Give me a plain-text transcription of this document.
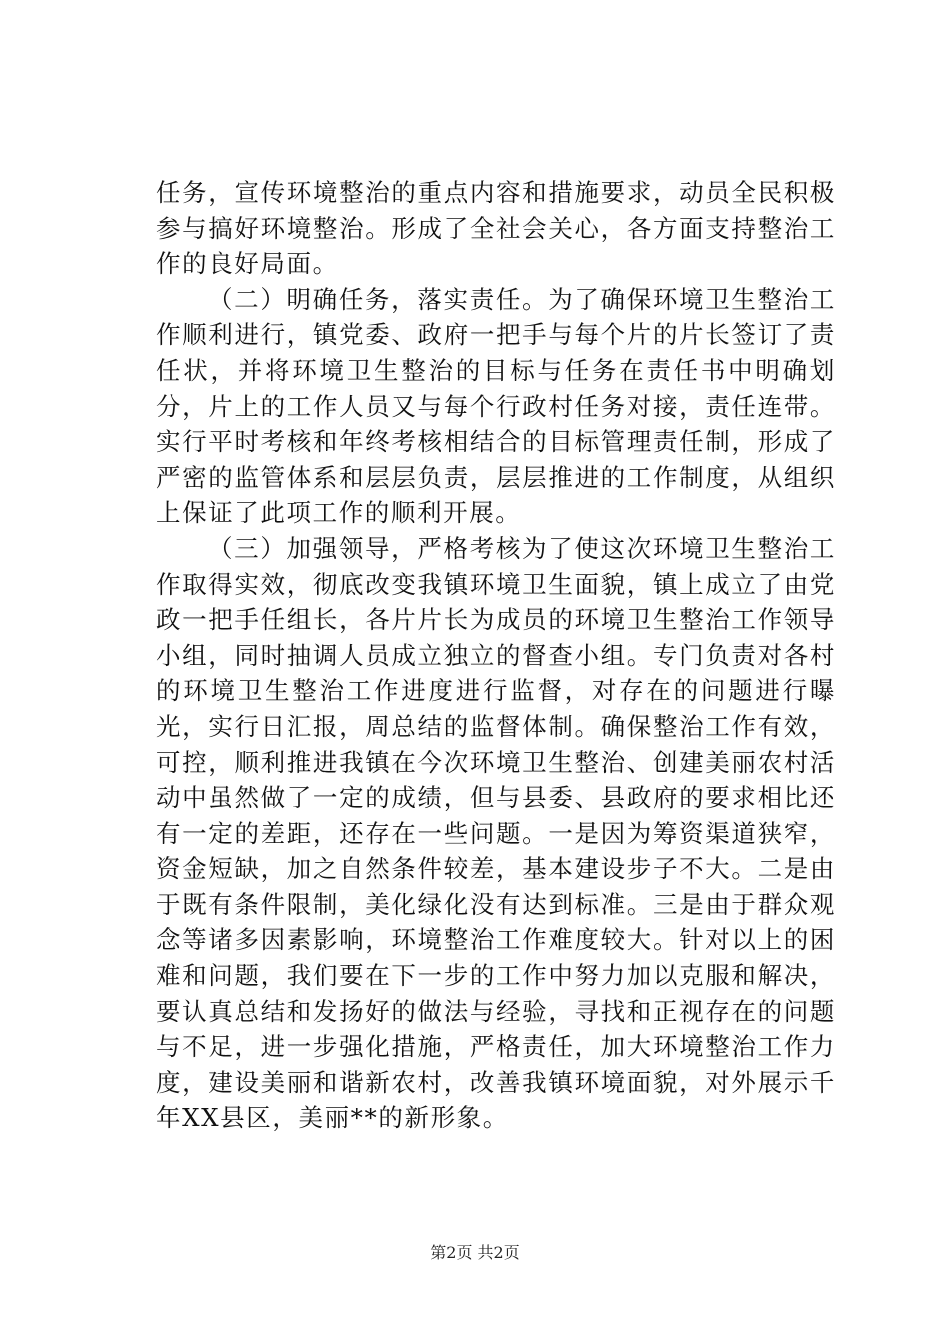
任务，宣传环境整治的重点内容和措施要求，动员全民积极参与搞好环境整治。形成了全社会关心，各方面支持整治工作的良好局面。

（二）明确任务，落实责任。为了确保环境卫生整治工作顺利进行，镇党委、政府一把手与每个片的片长签订了责任状，并将环境卫生整治的目标与任务在责任书中明确划分，片上的工作人员又与每个行政村任务对接，责任连带。实行平时考核和年终考核相结合的目标管理责任制，形成了严密的监管体系和层层负责，层层推进的工作制度，从组织上保证了此项工作的顺利开展。

（三）加强领导，严格考核为了使这次环境卫生整治工作取得实效，彻底改变我镇环境卫生面貌，镇上成立了由党政一把手任组长，各片片长为成员的环境卫生整治工作领导小组，同时抽调人员成立独立的督查小组。专门负责对各村的环境卫生整治工作进度进行监督，对存在的问题进行曝光，实行日汇报，周总结的监督体制。确保整治工作有效，可控，顺利推进我镇在今次环境卫生整治、创建美丽农村活动中虽然做了一定的成绩，但与县委、县政府的要求相比还有一定的差距，还存在一些问题。一是因为筹资渠道狭窄，资金短缺，加之自然条件较差，基本建设步子不大。二是由于既有条件限制，美化绿化没有达到标准。三是由于群众观念等诸多因素影响，环境整治工作难度较大。针对以上的困难和问题，我们要在下一步的工作中努力加以克服和解决，要认真总结和发扬好的做法与经验，寻找和正视存在的问题与不足，进一步强化措施，严格责任，加大环境整治工作力度，建设美丽和谐新农村，改善我镇环境面貌，对外展示千年XX县区，美丽**的新形象。

第2页 共2页
